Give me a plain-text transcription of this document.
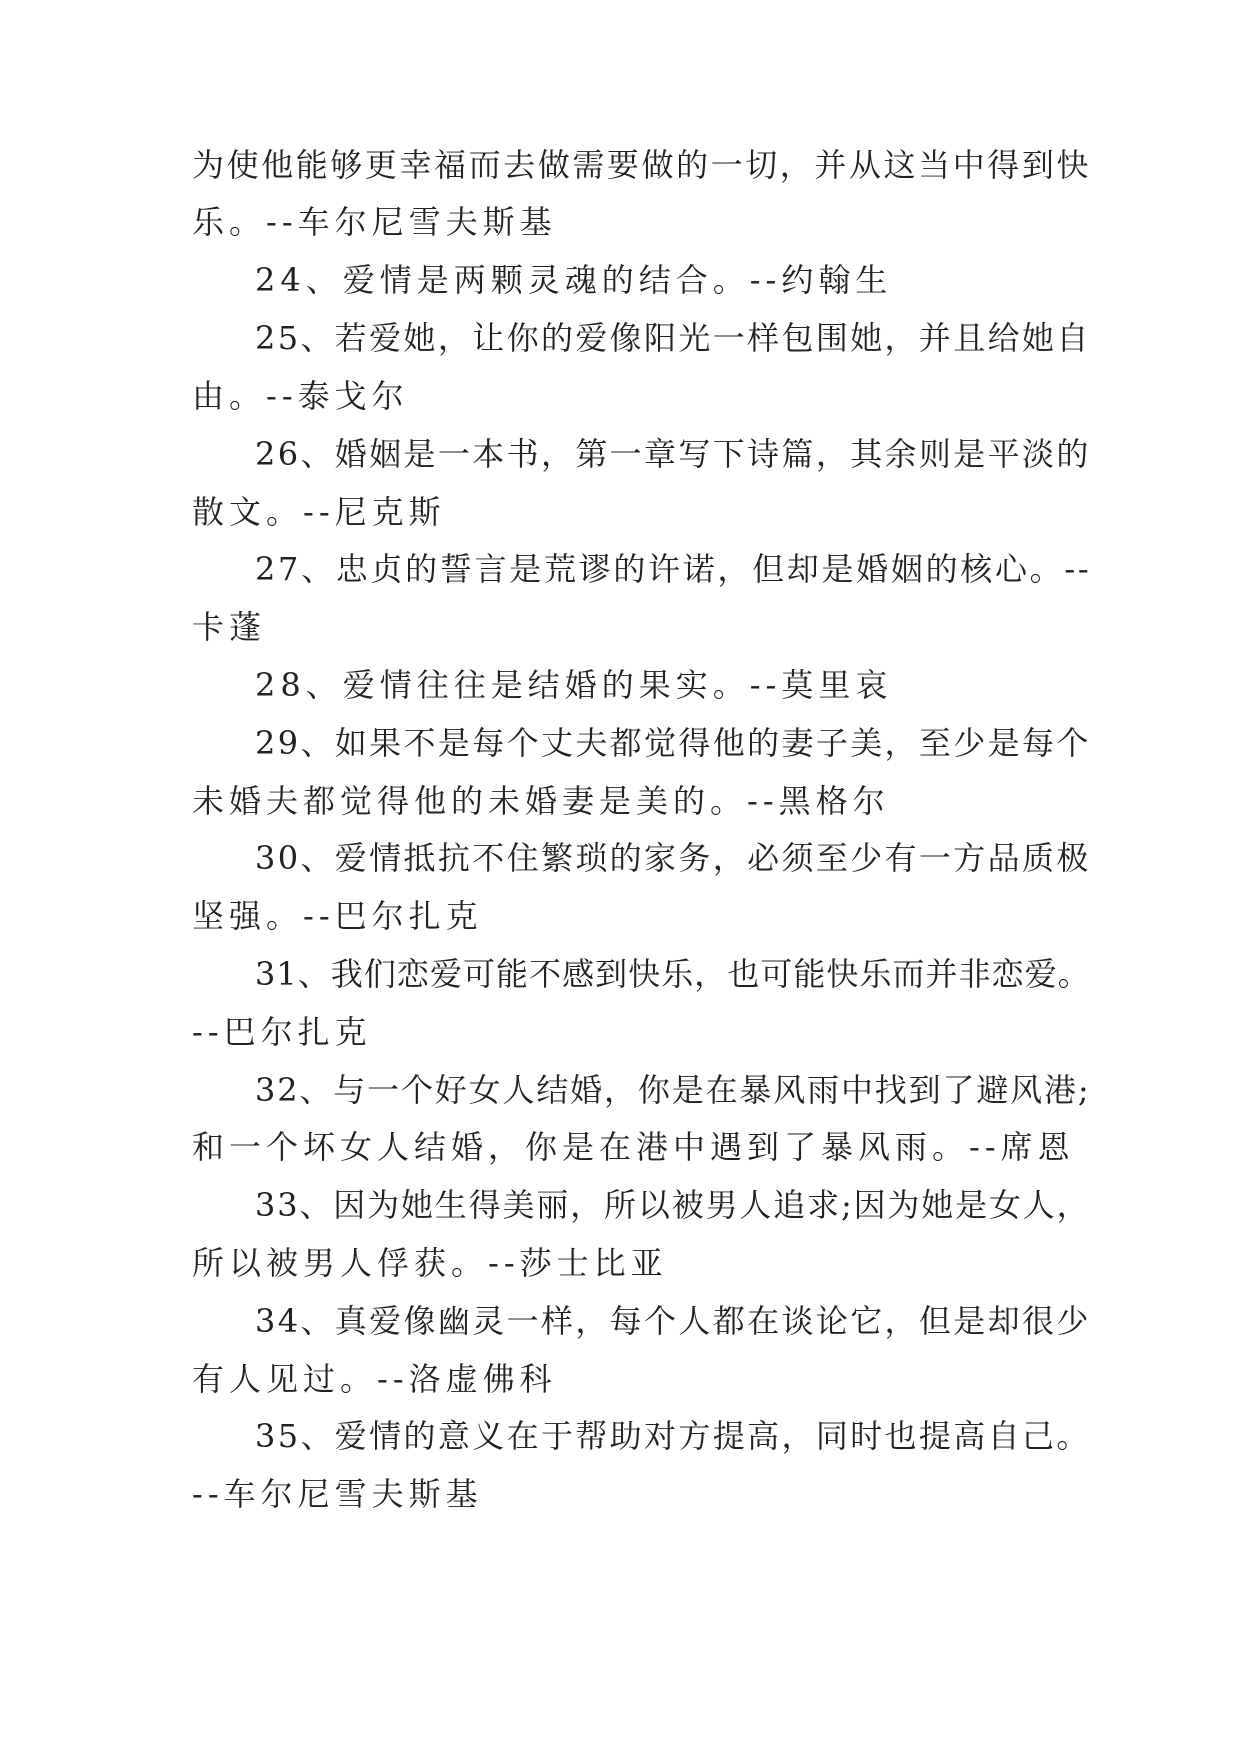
为使他能够更幸福而去做需要做的一切，并从这当中得到快
乐。--车尔尼雪夫斯基
24、爱情是两颗灵魂的结合。--约翰生
25、若爱她，让你的爱像阳光一样包围她，并且给她自
由。--泰戈尔
26、婚姻是一本书，第一章写下诗篇，其余则是平淡的
散文。--尼克斯
27、忠贞的誓言是荒谬的许诺，但却是婚姻的核心。--
卡蓬
28、爱情往往是结婚的果实。--莫里哀
29、如果不是每个丈夫都觉得他的妻子美，至少是每个
未婚夫都觉得他的未婚妻是美的。--黑格尔
30、爱情抵抗不住繁琐的家务，必须至少有一方品质极
坚强。--巴尔扎克
31、我们恋爱可能不感到快乐，也可能快乐而并非恋爱。
--巴尔扎克
32、与一个好女人结婚，你是在暴风雨中找到了避风港;
和一个坏女人结婚，你是在港中遇到了暴风雨。--席恩
33、因为她生得美丽，所以被男人追求;因为她是女人，
所以被男人俘获。--莎士比亚
34、真爱像幽灵一样，每个人都在谈论它，但是却很少
有人见过。--洛虚佛科
35、爱情的意义在于帮助对方提高，同时也提高自己。
--车尔尼雪夫斯基
